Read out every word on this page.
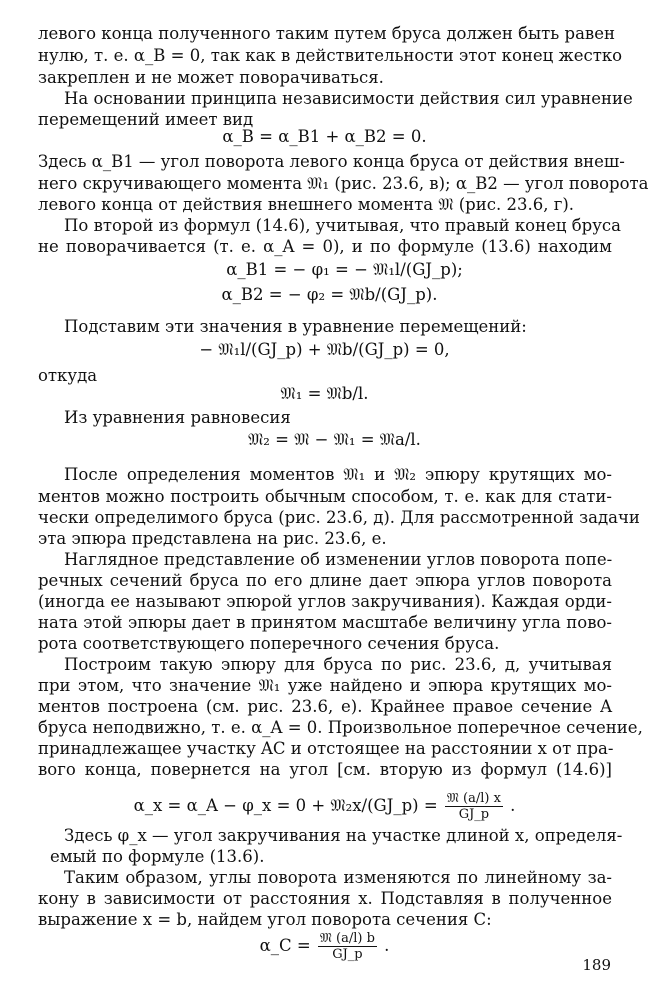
левого конца полученного таким путем бруса должен быть равен
нулю, т. е. α_B = 0, так как в действительности этот конец жестко
закреплен и не может поворачиваться.
На основании принципа независимости действия сил уравнение
перемещений имеет вид
α_B = α_B1 + α_B2 = 0.
Здесь α_B1 — угол поворота левого конца бруса от действия внеш-
него скручивающего момента 𝔐₁ (рис. 23.6, в); α_B2 — угол поворота
левого конца от действия внешнего момента 𝔐 (рис. 23.6, г).
По второй из формул (14.6), учитывая, что правый конец бруса
не поворачивается (т. е. α_A = 0), и по формуле (13.6) находим
α_B1 = − φ₁ = − 𝔐₁l/(GJ_p);
α_B2 = − φ₂ = 𝔐b/(GJ_p).
Подставим эти значения в уравнение перемещений:
− 𝔐₁l/(GJ_p) + 𝔐b/(GJ_p) = 0,
откуда
𝔐₁ = 𝔐b/l.
Из уравнения равновесия
𝔐₂ = 𝔐 − 𝔐₁ = 𝔐a/l.
После определения моментов 𝔐₁ и 𝔐₂ эпюру крутящих мо-
ментов можно построить обычным способом, т. е. как для стати-
чески определимого бруса (рис. 23.6, д). Для рассмотренной задачи
эта эпюра представлена на рис. 23.6, е.
Наглядное представление об изменении углов поворота попе-
речных сечений бруса по его длине дает эпюра углов поворота
(иногда ее называют эпюрой углов закручивания). Каждая орди-
ната этой эпюры дает в принятом масштабе величину угла пово-
рота соответствующего поперечного сечения бруса.
Построим такую эпюру для бруса по рис. 23.6, д, учитывая
при этом, что значение 𝔐₁ уже найдено и эпюра крутящих мо-
ментов построена (см. рис. 23.6, е). Крайнее правое сечение A
бруса неподвижно, т. е. α_A = 0. Произвольное поперечное сечение,
принадлежащее участку AC и отстоящее на расстоянии x от пра-
вого конца, повернется на угол [см. вторую из формул (14.6)]
α_x = α_A − φ_x = 0 + 𝔐₂x/(GJ_p) = $\frac{\text{𝔐 (a/l) x}}{GJ\_p}$ .
Здесь φ_x — угол закручивания на участке длиной x, определя-
емый по формуле (13.6).
Таким образом, углы поворота изменяются по линейному за-
кону в зависимости от расстояния x. Подставляя в полученное
выражение x = b, найдем угол поворота сечения C:
α_C = $\frac{\text{𝔐 (a/l) b}}{GJ\_p}$ .
189
